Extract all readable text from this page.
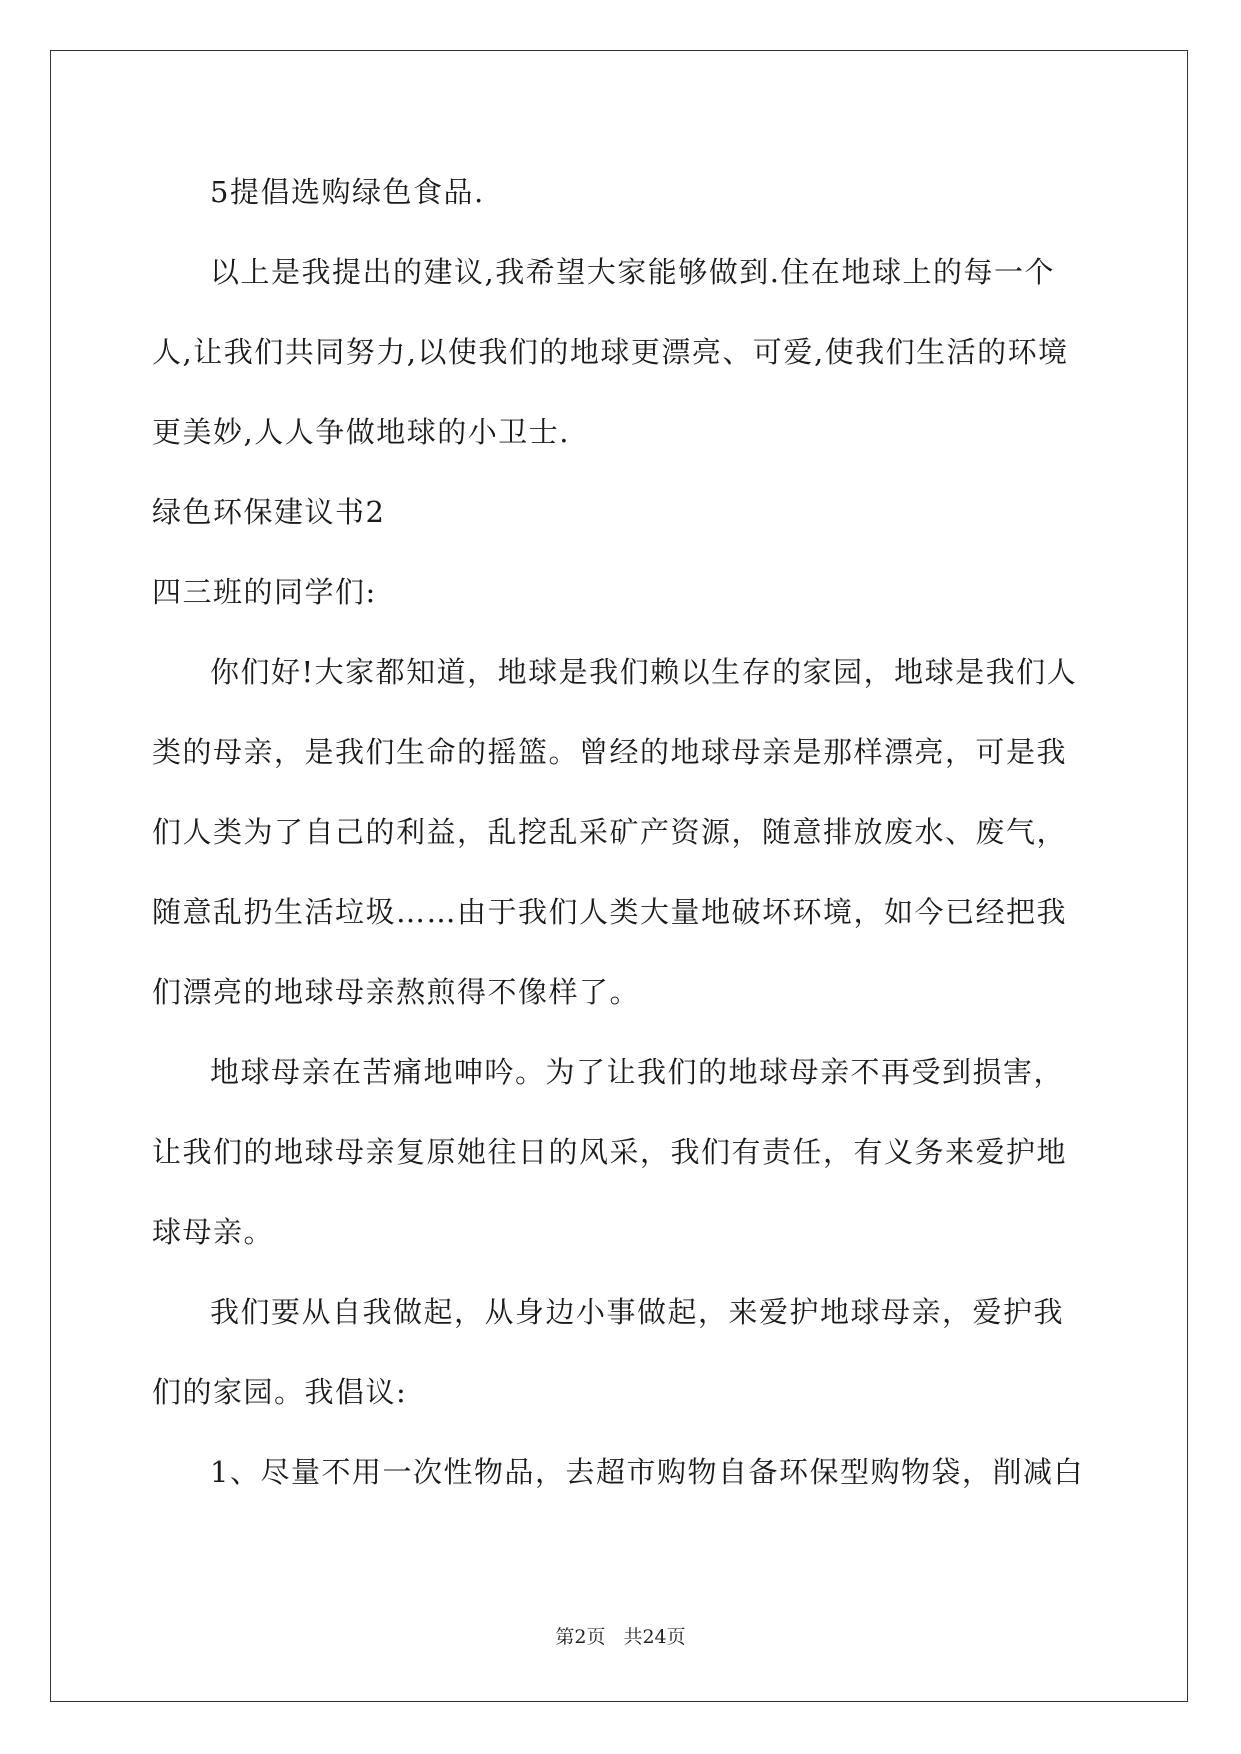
5提倡选购绿色食品.
以上是我提出的建议,我希望大家能够做到.住在地球上的每一个
人,让我们共同努力,以使我们的地球更漂亮、可爱,使我们生活的环境
更美妙,人人争做地球的小卫士.
绿色环保建议书2
四三班的同学们:
你们好!大家都知道，地球是我们赖以生存的家园，地球是我们人
类的母亲，是我们生命的摇篮。曾经的地球母亲是那样漂亮，可是我
们人类为了自己的利益，乱挖乱采矿产资源，随意排放废水、废气，
随意乱扔生活垃圾……由于我们人类大量地破坏环境，如今已经把我
们漂亮的地球母亲熬煎得不像样了。
地球母亲在苦痛地呻吟。为了让我们的地球母亲不再受到损害，
让我们的地球母亲复原她往日的风采，我们有责任，有义务来爱护地
球母亲。
我们要从自我做起，从身边小事做起，来爱护地球母亲，爱护我
们的家园。我倡议:
1、尽量不用一次性物品，去超市购物自备环保型购物袋，削减白
第2页 共24页
